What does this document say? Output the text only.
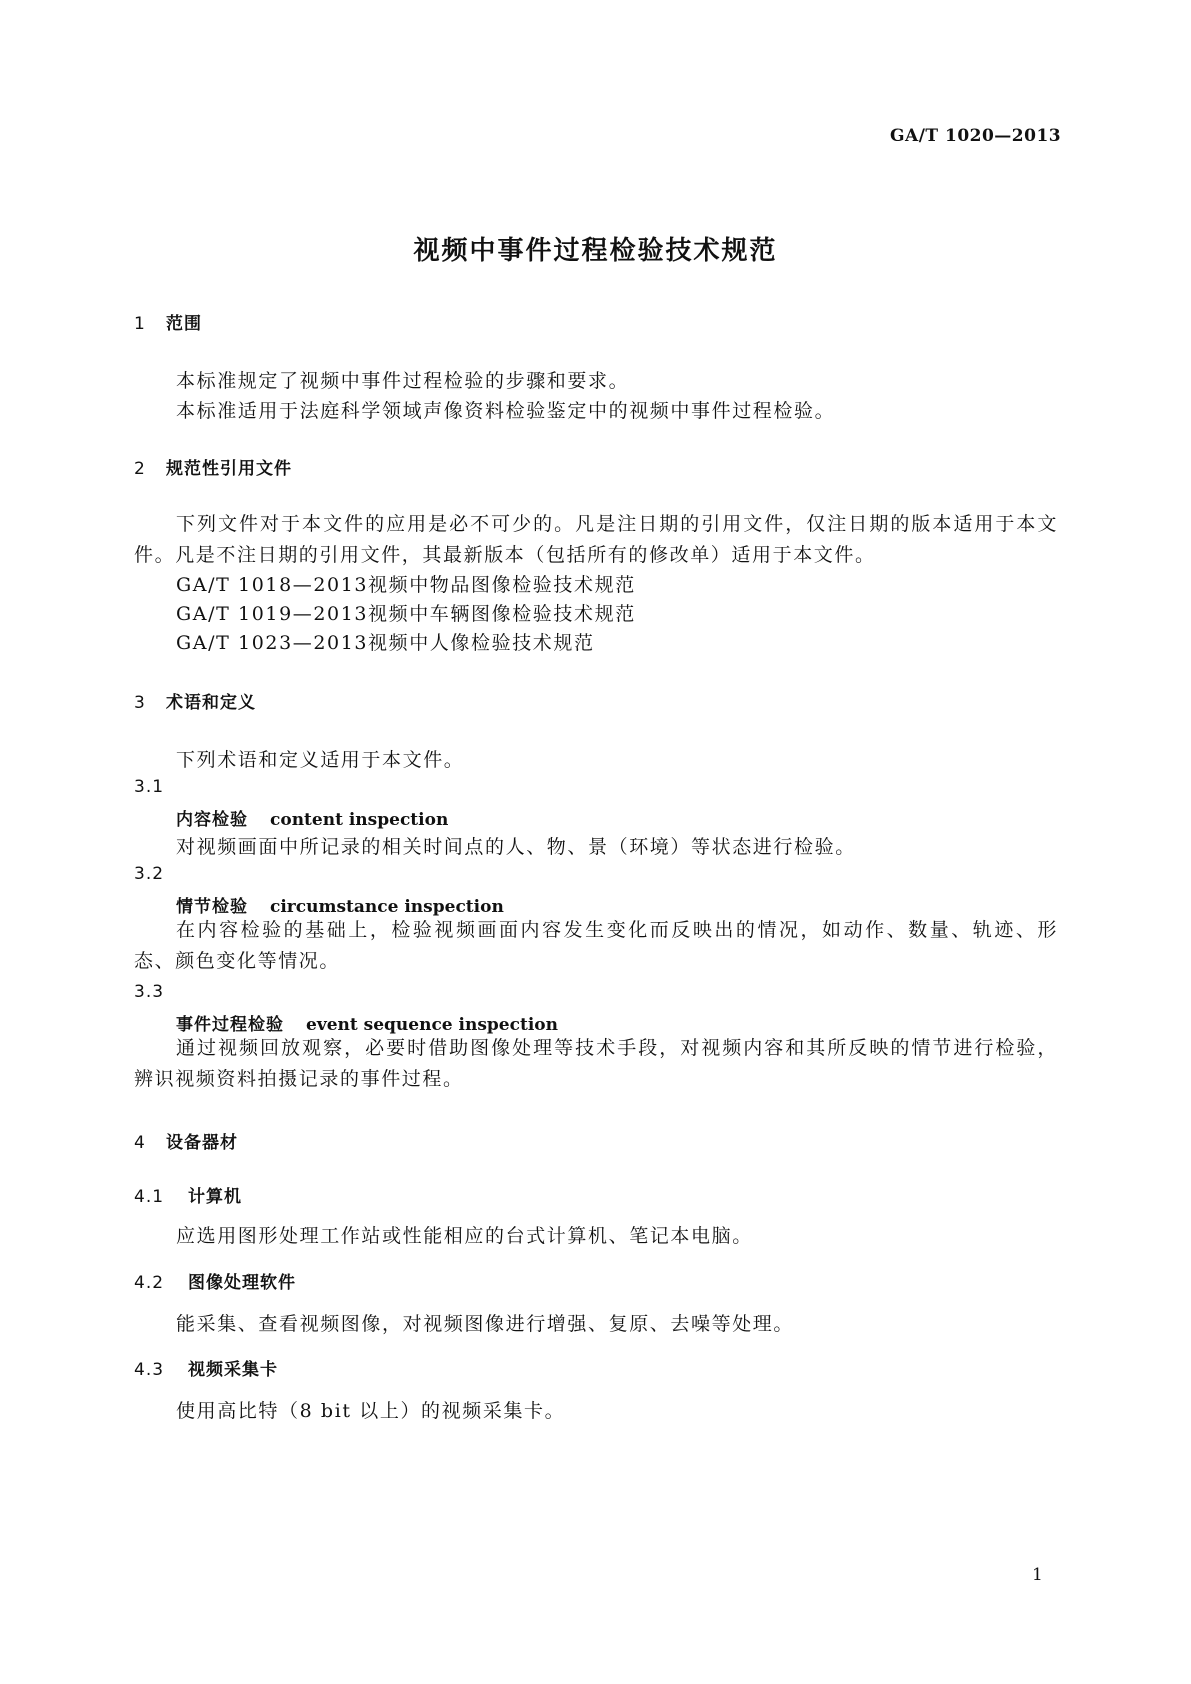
GA/T 1020—2013
视频中事件过程检验技术规范
1 范围
本标准规定了视频中事件过程检验的步骤和要求。
本标准适用于法庭科学领域声像资料检验鉴定中的视频中事件过程检验。
2 规范性引用文件
下列文件对于本文件的应用是必不可少的。凡是注日期的引用文件，仅注日期的版本适用于本文件。凡是不注日期的引用文件，其最新版本（包括所有的修改单）适用于本文件。
GA/T 1018—2013视频中物品图像检验技术规范
GA/T 1019—2013视频中车辆图像检验技术规范
GA/T 1023—2013视频中人像检验技术规范
3 术语和定义
下列术语和定义适用于本文件。
3.1
内容检验 content inspection
对视频画面中所记录的相关时间点的人、物、景（环境）等状态进行检验。
3.2
情节检验 circumstance inspection
在内容检验的基础上，检验视频画面内容发生变化而反映出的情况，如动作、数量、轨迹、形态、颜色变化等情况。
3.3
事件过程检验 event sequence inspection
通过视频回放观察，必要时借助图像处理等技术手段，对视频内容和其所反映的情节进行检验，辨识视频资料拍摄记录的事件过程。
4 设备器材
4.1 计算机
应选用图形处理工作站或性能相应的台式计算机、笔记本电脑。
4.2 图像处理软件
能采集、查看视频图像，对视频图像进行增强、复原、去噪等处理。
4.3 视频采集卡
使用高比特（8 bit 以上）的视频采集卡。
1
